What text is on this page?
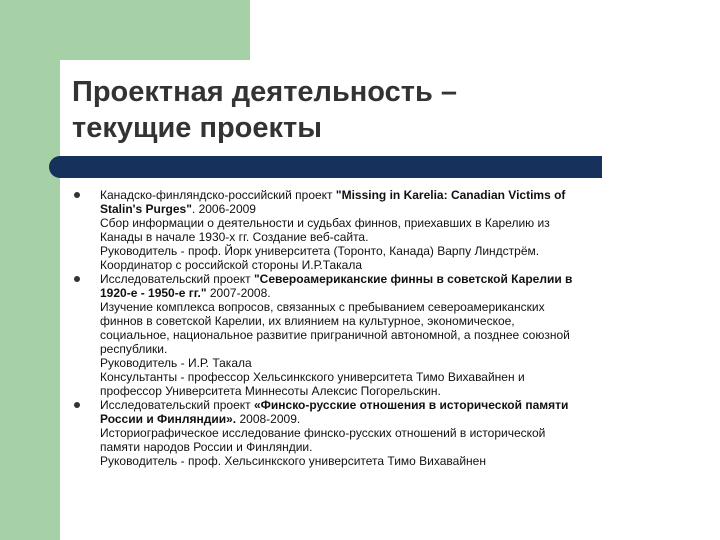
Проектная деятельность –
текущие проекты
Канадско-финляндско-российский проект "Missing in Karelia: Canadian Victims of
Stalin's Purges". 2006-2009
Сбор информации о деятельности и судьбах финнов, приехавших в Карелию из
Канады в начале 1930-х гг. Создание веб-сайта.
Руководитель - проф. Йорк университета (Торонто, Канада) Варпу Линдстрём.
Координатор с российской стороны И.Р.Такала
Исследовательский проект "Североамериканские финны в советской Карелии в
1920-е - 1950-е гг." 2007-2008.
Изучение комплекса вопросов, связанных с пребыванием североамериканских
финнов в советской Карелии, их влиянием на культурное, экономическое,
социальное, национальное развитие приграничной автономной, а позднее союзной
республики.
Руководитель - И.Р. Такала
Консультанты - профессор Хельсинкского университета Тимо Вихавайнен и
профессор Университета Миннесоты Алексис Погорельскин.
Исследовательский проект «Финско-русские отношения в исторической памяти
России и Финляндии». 2008-2009.
Историографическое исследование финско-русских отношений в исторической
памяти народов России и Финляндии.
Руководитель - проф. Хельсинкского университета Тимо Вихавайнен
